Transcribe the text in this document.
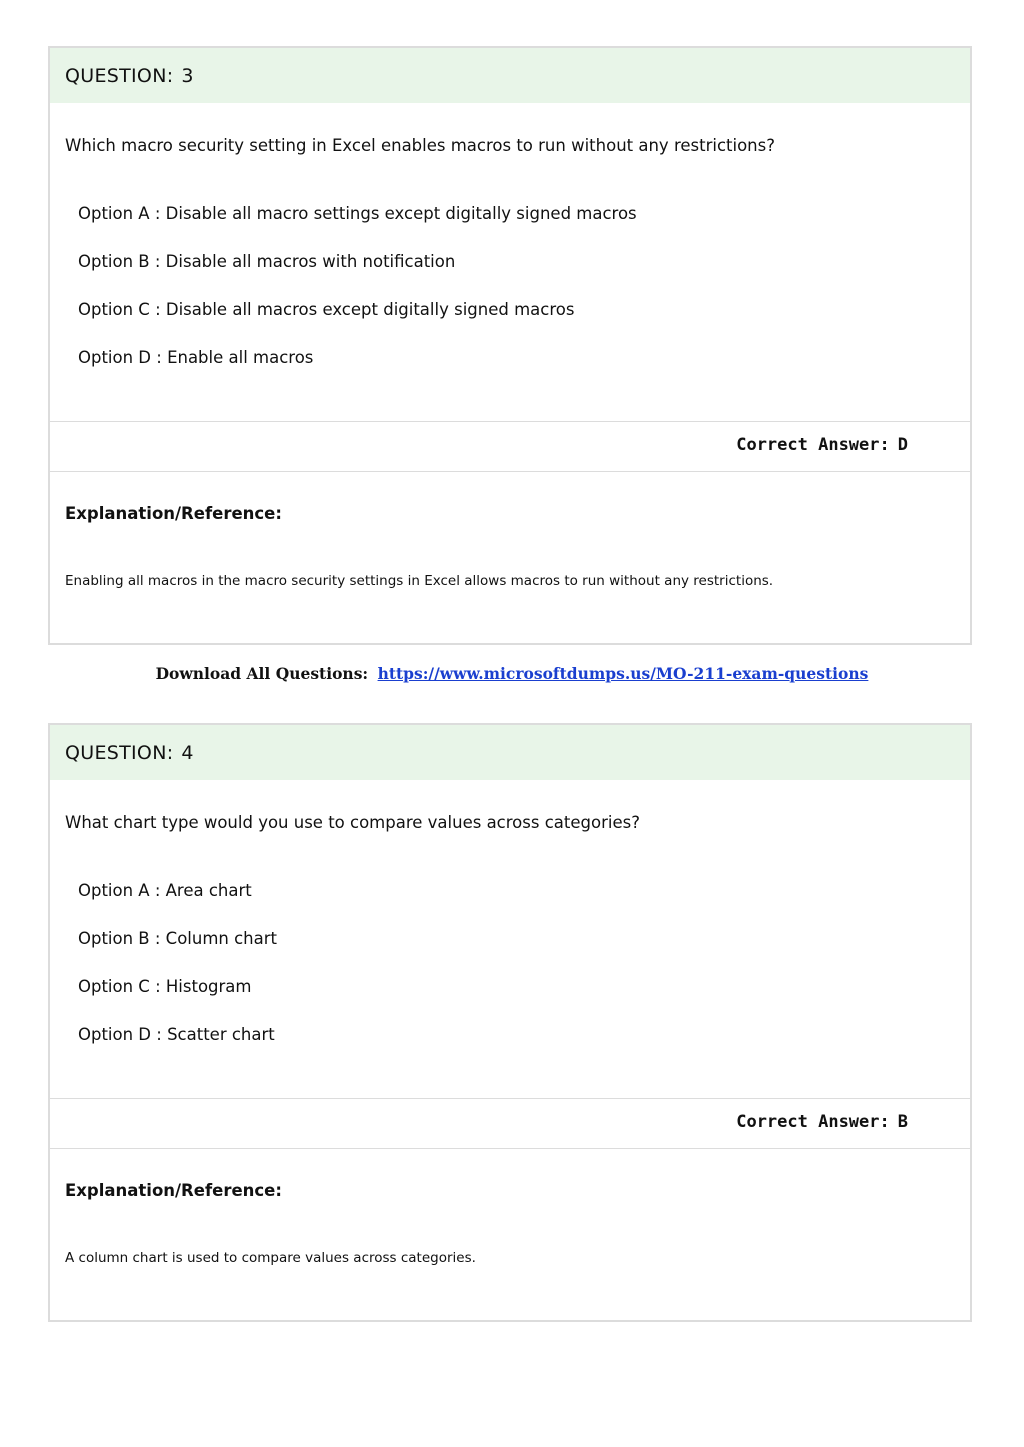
QUESTION: 3
Which macro security setting in Excel enables macros to run without any restrictions?
Option A : Disable all macro settings except digitally signed macros
Option B : Disable all macros with notification
Option C : Disable all macros except digitally signed macros
Option D : Enable all macros
Correct Answer: D
Explanation/Reference:
Enabling all macros in the macro security settings in Excel allows macros to run without any restrictions.
Download All Questions: https://www.microsoftdumps.us/MO-211-exam-questions
QUESTION: 4
What chart type would you use to compare values across categories?
Option A : Area chart
Option B : Column chart
Option C : Histogram
Option D : Scatter chart
Correct Answer: B
Explanation/Reference:
A column chart is used to compare values across categories.
